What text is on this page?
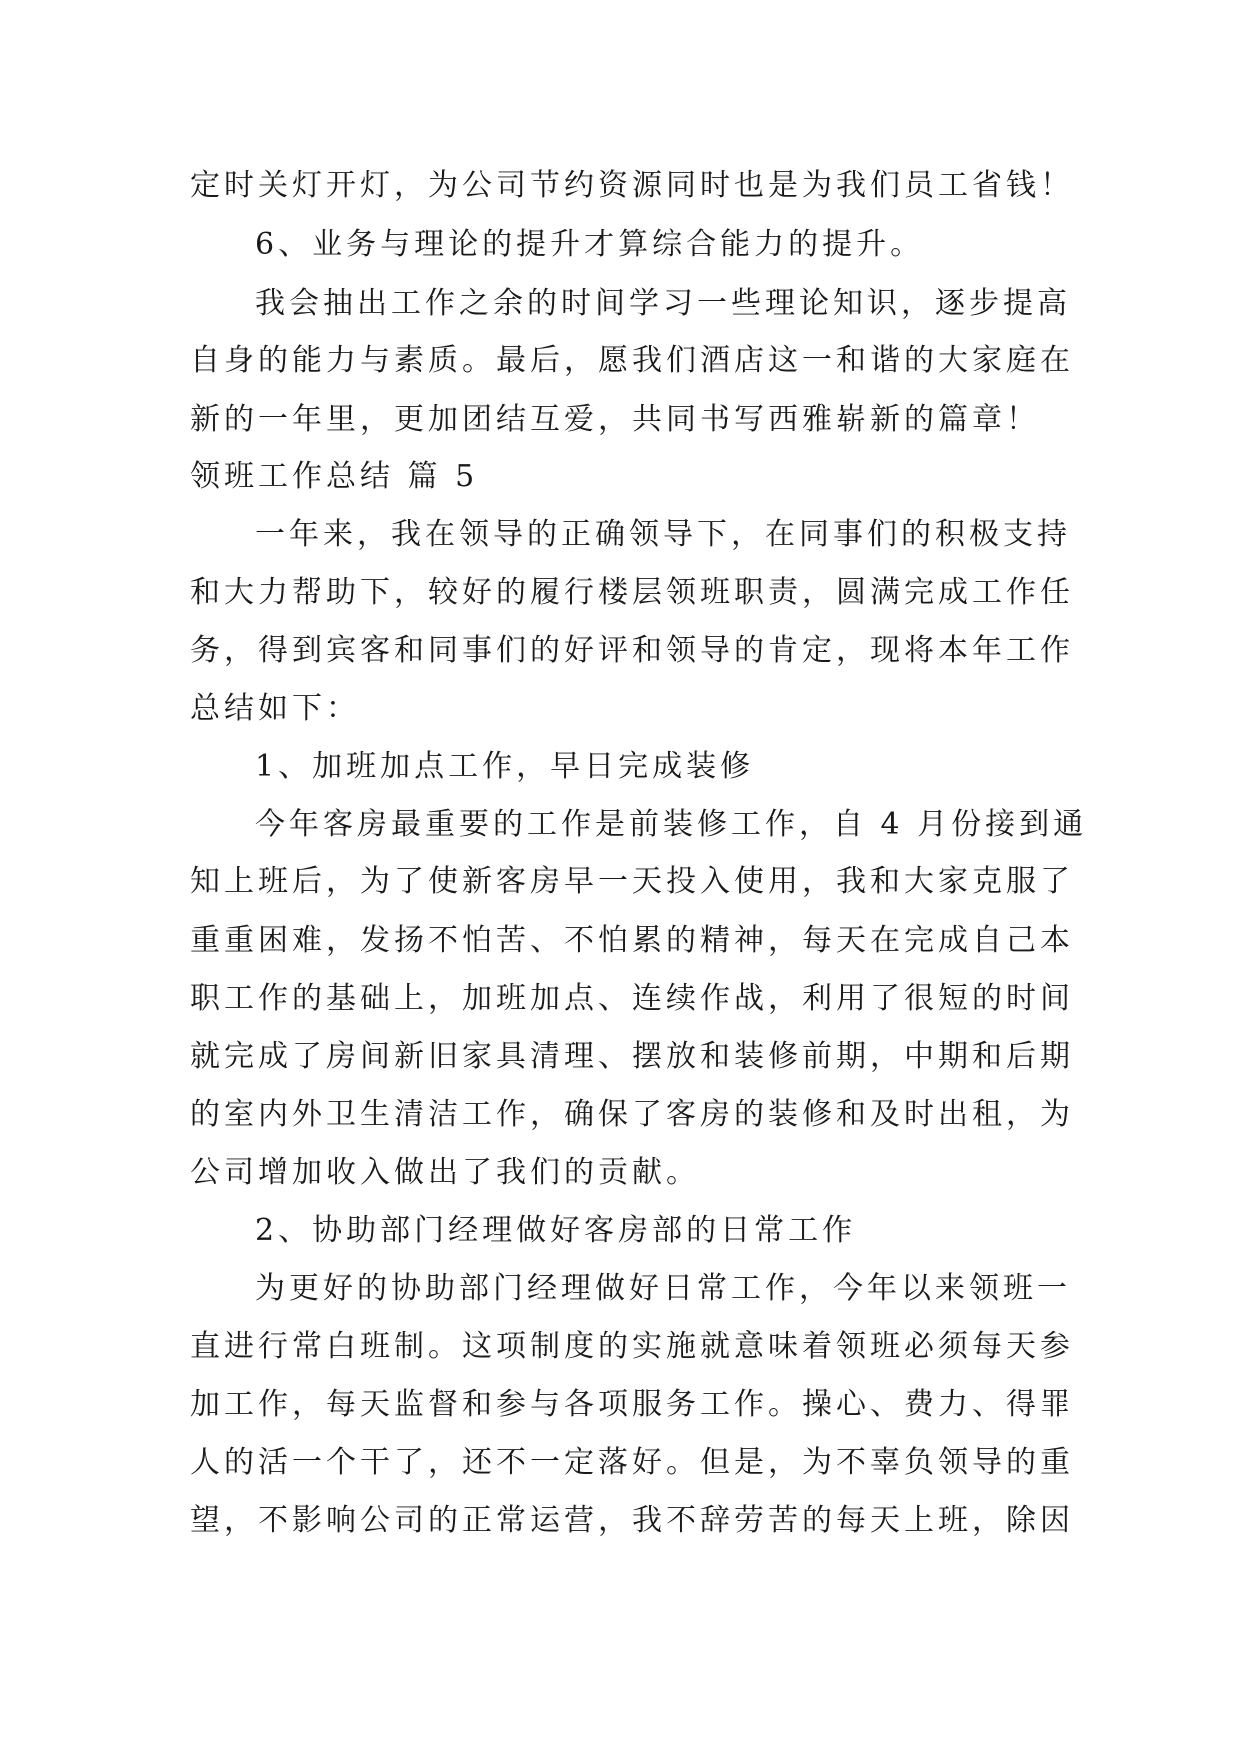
定时关灯开灯，为公司节约资源同时也是为我们员工省钱！
6、业务与理论的提升才算综合能力的提升。
我会抽出工作之余的时间学习一些理论知识，逐步提高
自身的能力与素质。最后，愿我们酒店这一和谐的大家庭在
新的一年里，更加团结互爱，共同书写西雅崭新的篇章！
领班工作总结 篇 5
一年来，我在领导的正确领导下，在同事们的积极支持
和大力帮助下，较好的履行楼层领班职责，圆满完成工作任
务，得到宾客和同事们的好评和领导的肯定，现将本年工作
总结如下：
1、加班加点工作，早日完成装修
今年客房最重要的工作是前装修工作，自 4 月份接到通
知上班后，为了使新客房早一天投入使用，我和大家克服了
重重困难，发扬不怕苦、不怕累的精神，每天在完成自己本
职工作的基础上，加班加点、连续作战，利用了很短的时间
就完成了房间新旧家具清理、摆放和装修前期，中期和后期
的室内外卫生清洁工作，确保了客房的装修和及时出租，为
公司增加收入做出了我们的贡献。
2、协助部门经理做好客房部的日常工作
为更好的协助部门经理做好日常工作，今年以来领班一
直进行常白班制。这项制度的实施就意味着领班必须每天参
加工作，每天监督和参与各项服务工作。操心、费力、得罪
人的活一个干了，还不一定落好。但是，为不辜负领导的重
望，不影响公司的正常运营，我不辞劳苦的每天上班，除因
